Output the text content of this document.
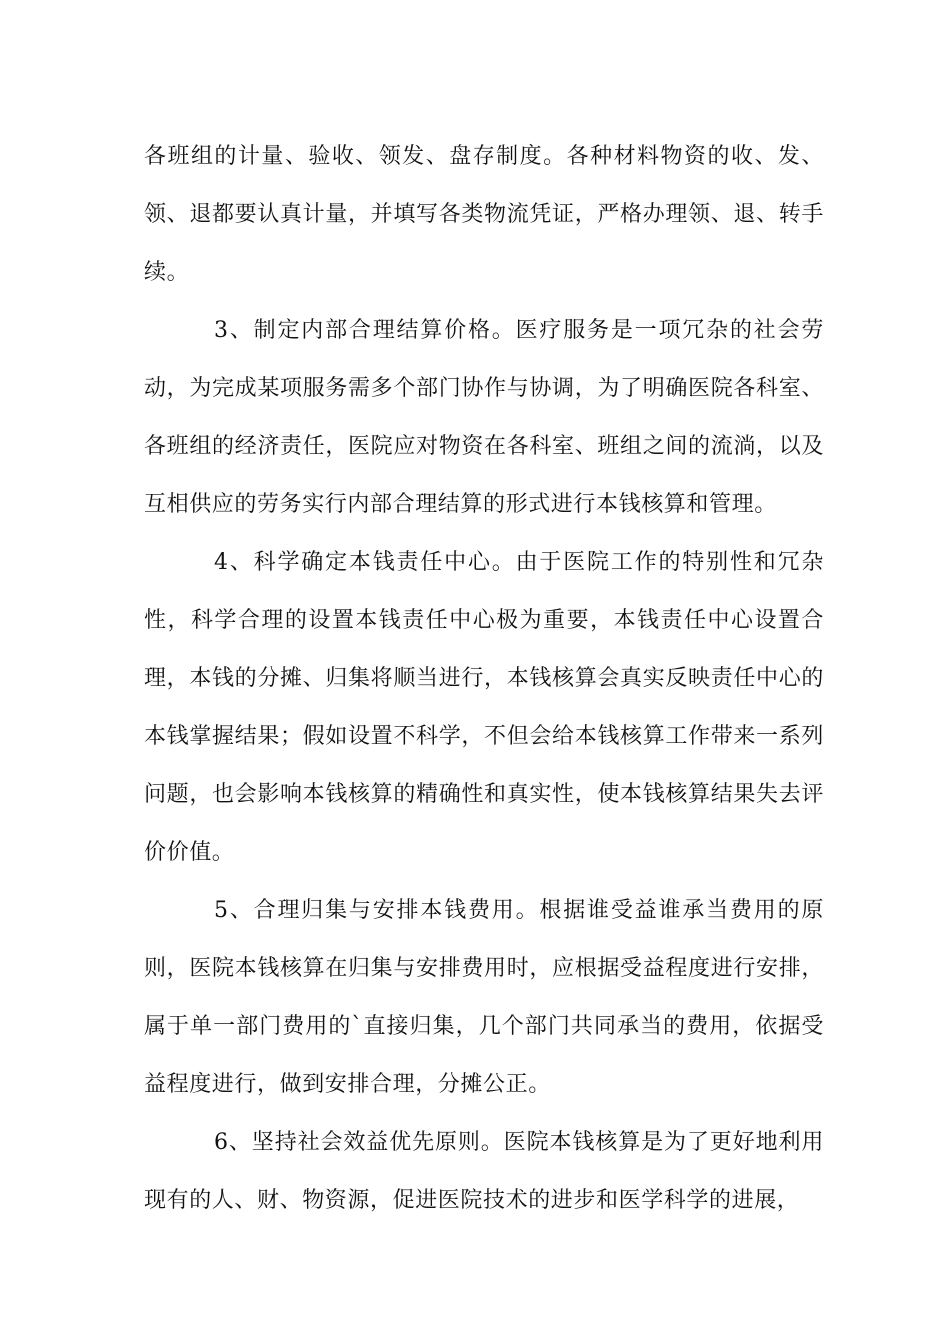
各班组的计量、验收、领发、盘存制度。各种材料物资的收、发、领、退都要认真计量，并填写各类物流凭证，严格办理领、退、转手续。

3、制定内部合理结算价格。医疗服务是一项冗杂的社会劳动，为完成某项服务需多个部门协作与协调，为了明确医院各科室、各班组的经济责任，医院应对物资在各科室、班组之间的流淌，以及互相供应的劳务实行内部合理结算的形式进行本钱核算和管理。

4、科学确定本钱责任中心。由于医院工作的特别性和冗杂性，科学合理的设置本钱责任中心极为重要，本钱责任中心设置合理，本钱的分摊、归集将顺当进行，本钱核算会真实反映责任中心的本钱掌握结果；假如设置不科学，不但会给本钱核算工作带来一系列问题，也会影响本钱核算的精确性和真实性，使本钱核算结果失去评价价值。

5、合理归集与安排本钱费用。根据谁受益谁承当费用的原则，医院本钱核算在归集与安排费用时，应根据受益程度进行安排，属于单一部门费用的`直接归集，几个部门共同承当的费用，依据受益程度进行，做到安排合理，分摊公正。

6、坚持社会效益优先原则。医院本钱核算是为了更好地利用现有的人、财、物资源，促进医院技术的进步和医学科学的进展，
